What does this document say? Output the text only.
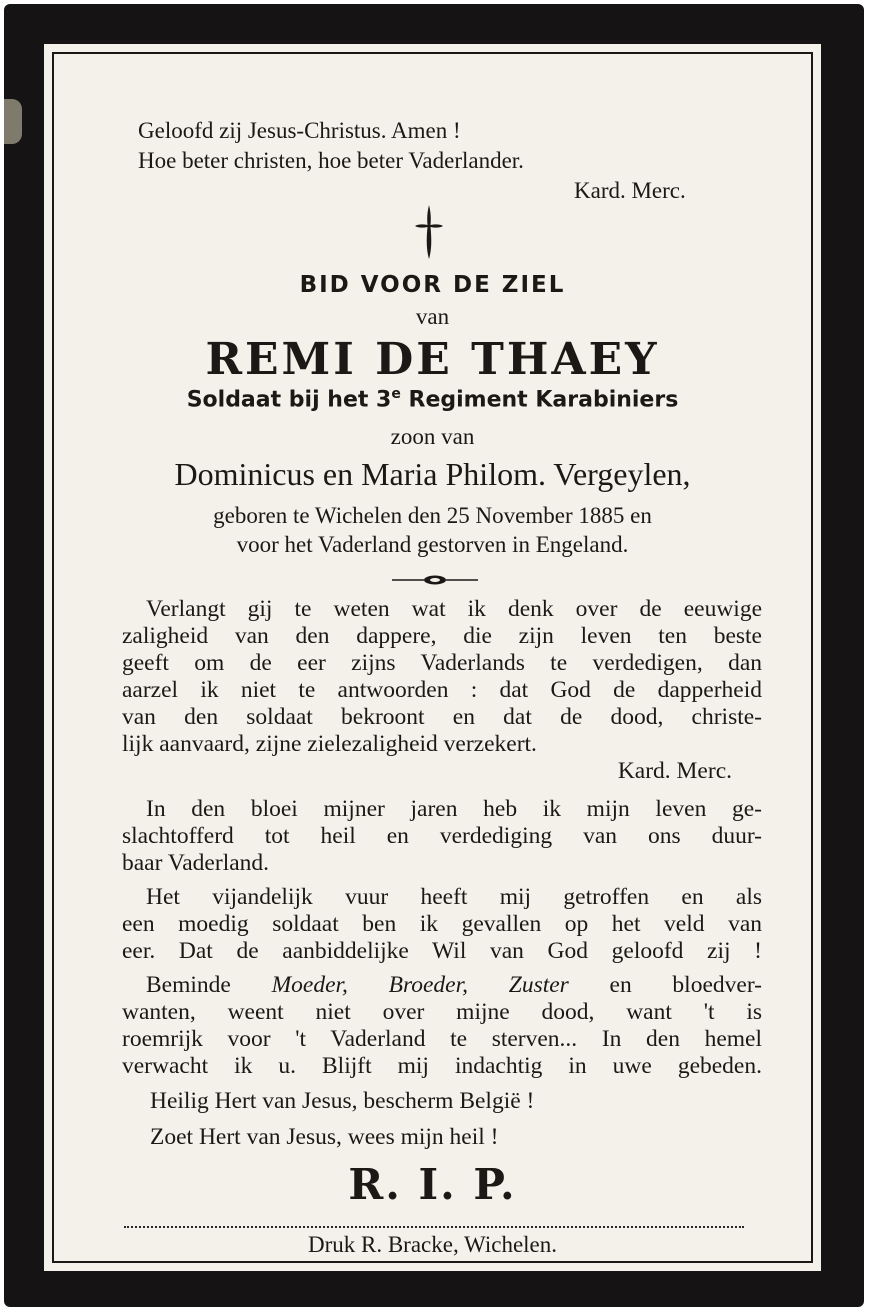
Geloofd zij Jesus-Christus. Amen !
Hoe beter christen, hoe beter Vaderlander.
Kard. Merc.

BID VOOR DE ZIEL
van
REMI DE THAEY
Soldaat bij het 3e Regiment Karabiniers
zoon van
Dominicus en Maria Philom. Vergeylen,
geboren te Wichelen den 25 November 1885 en
voor het Vaderland gestorven in Engeland.
Verlangt gij te weten wat ik denk over de eeuwige
zaligheid van den dappere, die zijn leven ten beste
geeft om de eer zijns Vaderlands te verdedigen, dan
aarzel ik niet te antwoorden : dat God de dapperheid
van den soldaat bekroont en dat de dood, christe-
lijk aanvaard, zijne zielezaligheid verzekert.
Kard. Merc.
In den bloei mijner jaren heb ik mijn leven ge-
slachtofferd tot heil en verdediging van ons duur-
baar Vaderland.
Het vijandelijk vuur heeft mij getroffen en als
een moedig soldaat ben ik gevallen op het veld van
eer. Dat de aanbiddelijke Wil van God geloofd zij !
Beminde Moeder, Broeder, Zuster en bloedver-
wanten, weent niet over mijne dood, want 't is
roemrijk voor 't Vaderland te sterven... In den hemel
verwacht ik u. Blijft mij indachtig in uwe gebeden.
Heilig Hert van Jesus, bescherm België !
Zoet Hert van Jesus, wees mijn heil !
R. I. P.
Druk R. Bracke, Wichelen.
